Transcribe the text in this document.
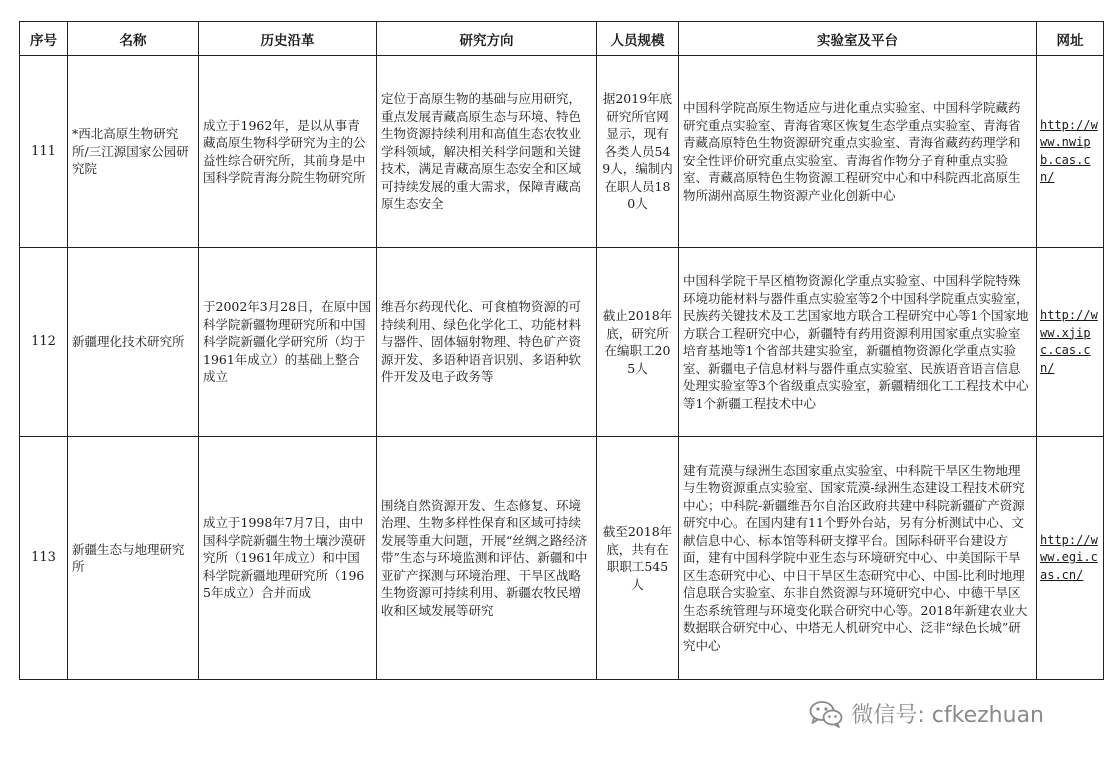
序号	名称	历史沿革	研究方向	人员规模	实验室及平台	网址
111	*西北高原生物研究所/三江源国家公园研究院	成立于1962年，是以从事青藏高原生物科学研究为主的公益性综合研究所，其前身是中国科学院青海分院生物研究所	定位于高原生物的基础与应用研究，重点发展青藏高原生态与环境、特色生物资源持续利用和高值生态农牧业学科领域，解决相关科学问题和关键技术，满足青藏高原生态安全和区域可持续发展的重大需求，保障青藏高原生态安全	据2019年底研究所官网显示，现有各类人员549人，编制内在职人员180人	中国科学院高原生物适应与进化重点实验室、中国科学院藏药研究重点实验室、青海省寒区恢复生态学重点实验室、青海省青藏高原特色生物资源研究重点实验室、青海省藏药药理学和安全性评价研究重点实验室、青海省作物分子育种重点实验室、青藏高原特色生物资源工程研究中心和中科院西北高原生物所湖州高原生物资源产业化创新中心	http://www.nwipb.cas.cn/
112	新疆理化技术研究所	于2002年3月28日，在原中国科学院新疆物理研究所和中国科学院新疆化学研究所（均于1961年成立）的基础上整合成立	维吾尔药现代化、可食植物资源的可持续利用、绿色化学化工、功能材料与器件、固体辐射物理、特色矿产资源开发、多语种语音识别、多语种软件开发及电子政务等	截止2018年底，研究所在编职工205人	中国科学院干旱区植物资源化学重点实验室、中国科学院特殊环境功能材料与器件重点实验室等2个中国科学院重点实验室，民族药关键技术及工艺国家地方联合工程研究中心等1个国家地方联合工程研究中心，新疆特有药用资源利用国家重点实验室培育基地等1个省部共建实验室，新疆植物资源化学重点实验室、新疆电子信息材料与器件重点实验室、民族语音语言信息处理实验室等3个省级重点实验室，新疆精细化工工程技术中心等1个新疆工程技术中心	http://www.xjipc.cas.cn/
113	新疆生态与地理研究所	成立于1998年7月7日，由中国科学院新疆生物土壤沙漠研究所（1961年成立）和中国科学院新疆地理研究所（1965年成立）合并而成	围绕自然资源开发、生态修复、环境治理、生物多样性保育和区域可持续发展等重大问题，开展“丝绸之路经济带”生态与环境监测和评估、新疆和中亚矿产探测与环境治理、干旱区战略生物资源可持续利用、新疆农牧民增收和区域发展等研究	截至2018年底，共有在职职工545人	建有荒漠与绿洲生态国家重点实验室、中科院干旱区生物地理与生物资源重点实验室、国家荒漠-绿洲生态建设工程技术研究中心；中科院-新疆维吾尔自治区政府共建中科院新疆矿产资源研究中心。在国内建有11个野外台站，另有分析测试中心、文献信息中心、标本馆等科研支撑平台。国际科研平台建设方面，建有中国科学院中亚生态与环境研究中心、中美国际干旱区生态研究中心、中日干旱区生态研究中心、中国-比利时地理信息联合实验室、东非自然资源与环境研究中心、中德干旱区生态系统管理与环境变化联合研究中心等。2018年新建农业大数据联合研究中心、中塔无人机研究中心、泛非“绿色长城”研究中心	http://www.egi.cas.cn/
微信号: cfkezhuan
